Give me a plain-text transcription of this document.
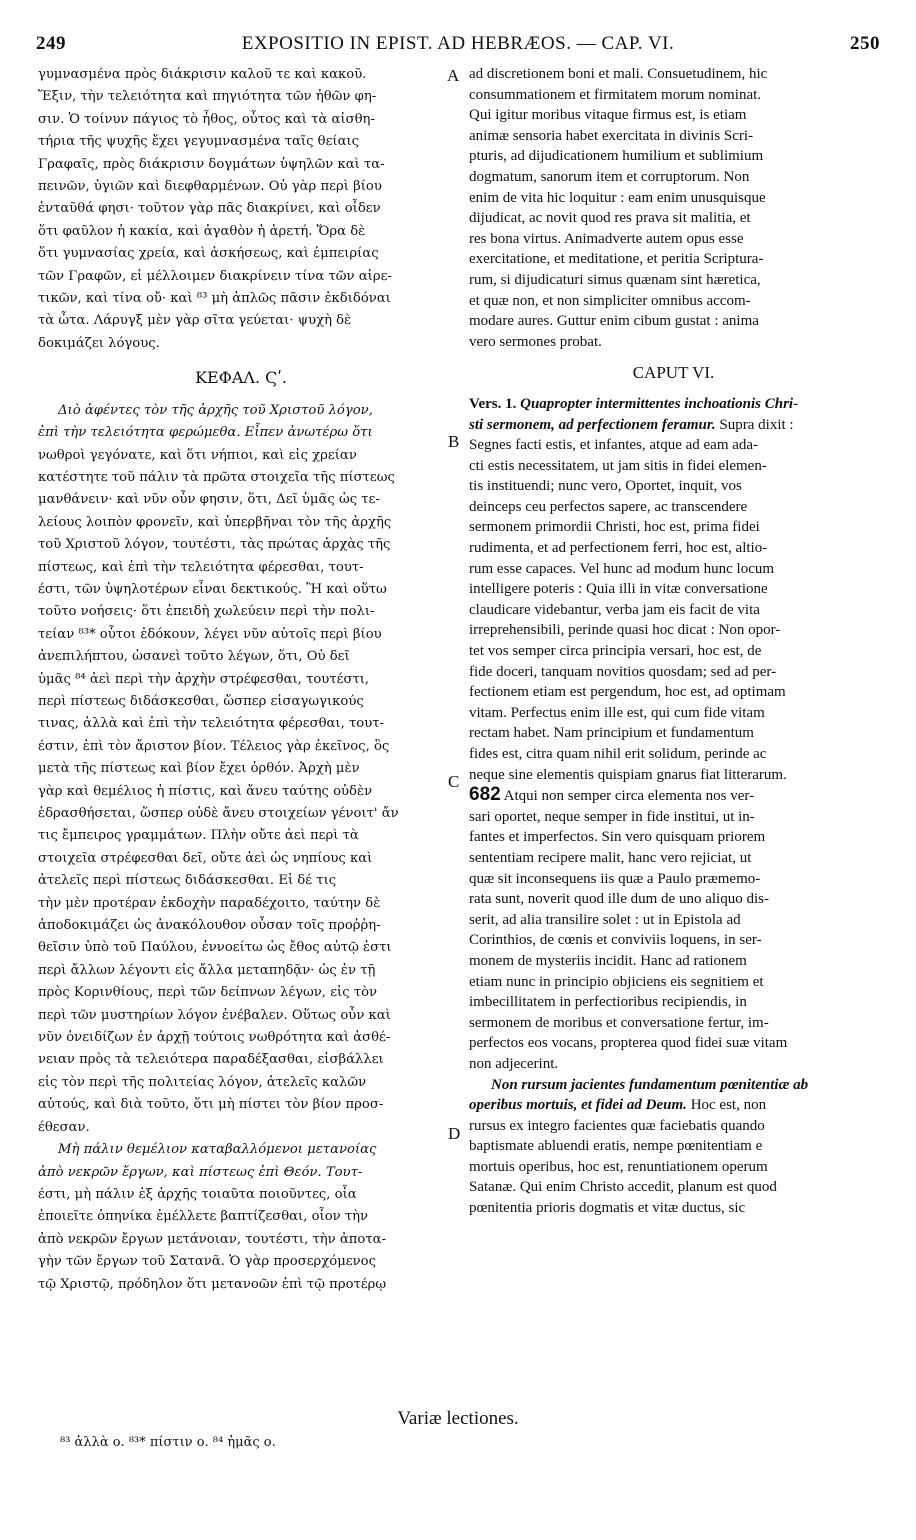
249	EXPOSITIO IN EPIST. AD HEBRÆOS. — CAP. VI.	250
γυμνασμένα πρὸς διάκρισιν καλοῦ τε καὶ κακοῦ.
Ἕξιν, τὴν τελειότητα καὶ πηγιότητα τῶν ἠθῶν φη-
σιν. Ὁ τοίνυν πάγιος τὸ ἦθος, οὗτος καὶ τὰ αἰσθη-
τήρια τῆς ψυχῆς ἔχει γεγυμνασμένα ταῖς θείαις
Γραφαῖς, πρὸς διάκρισιν δογμάτων ὑψηλῶν καὶ τα-
πεινῶν, ὑγιῶν καὶ διεφθαρμένων. Οὐ γὰρ περὶ βίου
ἐνταῦθά φησι· τοῦτον γὰρ πᾶς διακρίνει, καὶ οἶδεν
ὅτι φαῦλον ἡ κακία, καὶ ἀγαθὸν ἡ ἀρετή. Ὅρα δὲ
ὅτι γυμνασίας χρεία, καὶ ἀσκήσεως, καὶ ἐμπειρίας
τῶν Γραφῶν, εἰ μέλλοιμεν διακρίνειν τίνα τῶν αἱρε-
τικῶν, καὶ τίνα οὔ· καὶ ⁸³ μὴ ἁπλῶς πᾶσιν ἐκδιδόναι
τὰ ὦτα. Λάρυγξ μὲν γὰρ σῖτα γεύεται· ψυχὴ δὲ
δοκιμάζει λόγους.
ΚΕΦΑΛ. Ϛʹ.
Διὸ ἀφέντες τὸν τῆς ἀρχῆς τοῦ Χριστοῦ λόγον,
ἐπὶ τὴν τελειότητα φερώμεθα. Εἶπεν ἀνωτέρω ὅτι
νωθροὶ γεγόνατε, καὶ ὅτι νήπιοι, καὶ εἰς χρείαν
κατέστητε τοῦ πάλιν τὰ πρῶτα στοιχεῖα τῆς πίστεως
μανθάνειν· καὶ νῦν οὖν φησιν, ὅτι, Δεῖ ὑμᾶς ὡς τε-
λείους λοιπὸν φρονεῖν, καὶ ὑπερβῆναι τὸν τῆς ἀρχῆς
τοῦ Χριστοῦ λόγον, τουτέστι, τὰς πρώτας ἀρχὰς τῆς
πίστεως, καὶ ἐπὶ τὴν τελειότητα φέρεσθαι, τουτ-
έστι, τῶν ὑψηλοτέρων εἶναι δεκτικούς. Ἢ καὶ οὕτω
τοῦτο νοήσεις· ὅτι ἐπειδὴ χωλεύειν περὶ τὴν πολι-
τείαν ⁸³* οὗτοι ἐδόκουν, λέγει νῦν αὐτοῖς περὶ βίου
ἀνεπιλήπτου, ὡσανεὶ τοῦτο λέγων, ὅτι, Οὐ δεῖ
ὑμᾶς ⁸⁴ ἀεὶ περὶ τὴν ἀρχὴν στρέφεσθαι, τουτέστι,
περὶ πίστεως διδάσκεσθαι, ὥσπερ εἰσαγωγικούς
τινας, ἀλλὰ καὶ ἐπὶ τὴν τελειότητα φέρεσθαι, τουτ-
έστιν, ἐπὶ τὸν ἄριστον βίον. Τέλειος γὰρ ἐκεῖνος, ὃς
μετὰ τῆς πίστεως καὶ βίον ἔχει ὀρθόν. Ἀρχὴ μὲν
γὰρ καὶ θεμέλιος ἡ πίστις, καὶ ἄνευ ταύτης οὐδὲν
ἑδρασθήσεται, ὥσπερ οὐδὲ ἄνευ στοιχείων γένοιτ' ἄν
τις ἔμπειρος γραμμάτων. Πλὴν οὔτε ἀεὶ περὶ τὰ
στοιχεῖα στρέφεσθαι δεῖ, οὔτε ἀεὶ ὡς νηπίους καὶ
ἀτελεῖς περὶ πίστεως διδάσκεσθαι. Εἰ δέ τις
τὴν μὲν προτέραν ἐκδοχὴν παραδέχοιτο, ταύτην δὲ
ἀποδοκιμάζει ὡς ἀνακόλουθον οὖσαν τοῖς προῤῥη-
θεῖσιν ὑπὸ τοῦ Παύλου, ἐννοείτω ὡς ἔθος αὐτῷ ἐστι
περὶ ἄλλων λέγοντι εἰς ἄλλα μεταπηδᾷν· ὡς ἐν τῇ
πρὸς Κορινθίους, περὶ τῶν δείπνων λέγων, εἰς τὸν
περὶ τῶν μυστηρίων λόγον ἐνέβαλεν. Οὕτως οὖν καὶ
νῦν ὀνειδίζων ἐν ἀρχῇ τούτοις νωθρότητα καὶ ἀσθέ-
νειαν πρὸς τὰ τελειότερα παραδέξασθαι, εἰσβάλλει
εἰς τὸν περὶ τῆς πολιτείας λόγον, ἀτελεῖς καλῶν
αὐτούς, καὶ διὰ τοῦτο, ὅτι μὴ πίστει τὸν βίον προσ-
έθεσαν.
Μὴ πάλιν θεμέλιον καταβαλλόμενοι μετανοίας
ἀπὸ νεκρῶν ἔργων, καὶ πίστεως ἐπὶ Θεόν. Τουτ-
έστι, μὴ πάλιν ἐξ ἀρχῆς τοιαῦτα ποιοῦντες, οἷα
ἐποιεῖτε ὁπηνίκα ἐμέλλετε βαπτίζεσθαι, οἷον τὴν
ἀπὸ νεκρῶν ἔργων μετάνοιαν, τουτέστι, τὴν ἀποτα-
γὴν τῶν ἔργων τοῦ Σατανᾶ. Ὁ γὰρ προσερχόμενος
τῷ Χριστῷ, πρόδηλον ὅτι μετανοῶν ἐπὶ τῷ προτέρῳ
A
B
C
D
ad discretionem boni et mali. Consuetudinem, hic
consummationem et firmitatem morum nominat.
Qui igitur moribus vitaque firmus est, is etiam
animæ sensoria habet exercitata in divinis Scri-
pturis, ad dijudicationem humilium et sublimium
dogmatum, sanorum item et corruptorum. Non
enim de vita hic loquitur : eam enim unusquisque
dijudicat, ac novit quod res prava sit malitia, et
res bona virtus. Animadverte autem opus esse
exercitatione, et meditatione, et peritia Scriptura-
rum, si dijudicaturi simus quænam sint hæretica,
et quæ non, et non simpliciter omnibus accom-
modare aures. Guttur enim cibum gustat : anima
vero sermones probat.
CAPUT VI.
Vers. 1. Quapropter intermittentes inchoationis Chri-
sti sermonem, ad perfectionem feramur. Supra dixit :
Segnes facti estis, et infantes, atque ad eam ada-
cti estis necessitatem, ut jam sitis in fidei elemen-
tis instituendi; nunc vero, Oportet, inquit, vos
deinceps ceu perfectos sapere, ac transcendere
sermonem primordii Christi, hoc est, prima fidei
rudimenta, et ad perfectionem ferri, hoc est, altio-
rum esse capaces. Vel hunc ad modum hunc locum
intelligere poteris : Quia illi in vitæ conversatione
claudicare videbantur, verba jam eis facit de vita
irreprehensibili, perinde quasi hoc dicat : Non opor-
tet vos semper circa principia versari, hoc est, de
fide doceri, tanquam novitios quosdam; sed ad per-
fectionem etiam est pergendum, hoc est, ad optimam
vitam. Perfectus enim ille est, qui cum fide vitam
rectam habet. Nam principium et fundamentum
fides est, citra quam nihil erit solidum, perinde ac
neque sine elementis quispiam gnarus fiat litterarum.
682 Atqui non semper circa elementa nos ver-
sari oportet, neque semper in fide institui, ut in-
fantes et imperfectos. Sin vero quisquam priorem
sententiam recipere malit, hanc vero rejiciat, ut
quæ sit inconsequens iis quæ a Paulo præmemo-
rata sunt, noverit quod ille dum de uno aliquo dis-
serit, ad alia transilire solet : ut in Epistola ad
Corinthios, de cœnis et conviviis loquens, in ser-
monem de mysteriis incidit. Hanc ad rationem
etiam nunc in principio objiciens eis segnitiem et
imbecillitatem in perfectioribus recipiendis, in
sermonem de moribus et conversatione fertur, im-
perfectos eos vocans, propterea quod fidei suæ vitam
non adjecerint.
Non rursum jacientes fundamentum pœnitentiæ ab
operibus mortuis, et fidei ad Deum. Hoc est, non
rursus ex integro facientes quæ faciebatis quando
baptismate abluendi eratis, nempe pœnitentiam e
mortuis operibus, hoc est, renuntiationem operum
Satanæ. Qui enim Christo accedit, planum est quod
pœnitentia prioris dogmatis et vitæ ductus, sic
Variæ lectiones.
⁸³ ἀλλὰ ο. ⁸³* πίστιν ο. ⁸⁴ ἡμᾶς ο.
